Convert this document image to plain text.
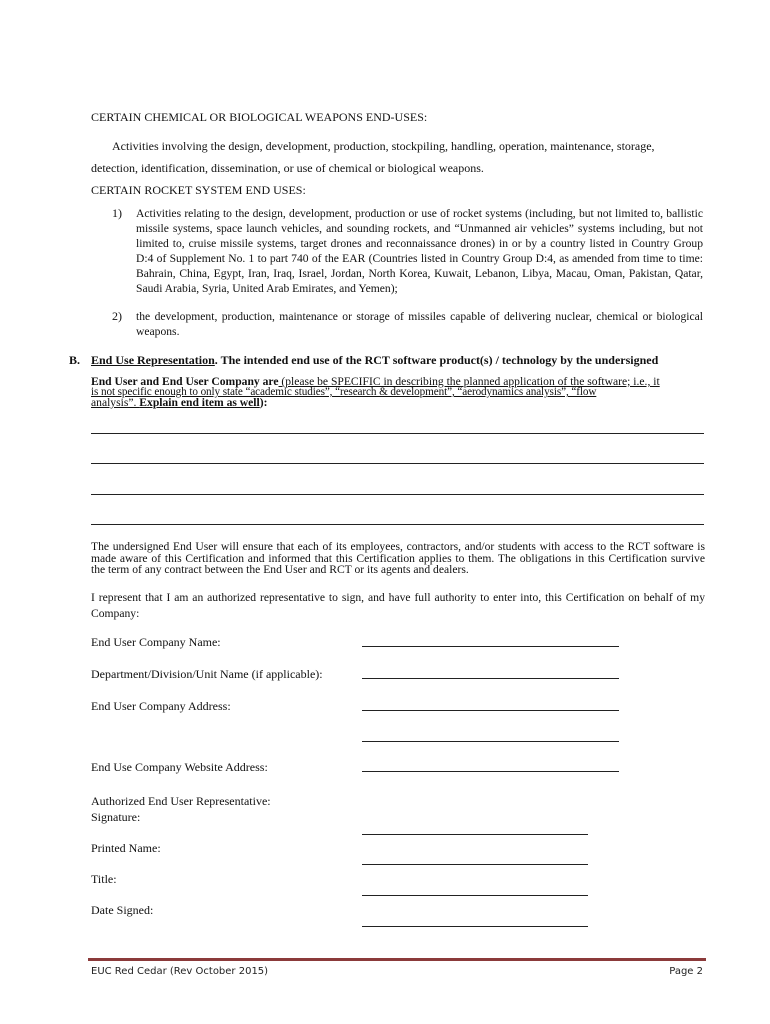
CERTAIN CHEMICAL OR BIOLOGICAL WEAPONS END-USES:
Activities involving the design, development, production, stockpiling, handling, operation, maintenance, storage,
detection, identification, dissemination, or use of chemical or biological weapons.
CERTAIN ROCKET SYSTEM END USES:
1) Activities relating to the design, development, production or use of rocket systems (including, but not limited to, ballistic missile systems, space launch vehicles, and sounding rockets, and “Unmanned air vehicles” systems including, but not limited to, cruise missile systems, target drones and reconnaissance drones) in or by a country listed in Country Group D:4 of Supplement No. 1 to part 740 of the EAR (Countries listed in Country Group D:4, as amended from time to time: Bahrain, China, Egypt, Iran, Iraq, Israel, Jordan, North Korea, Kuwait, Lebanon, Libya, Macau, Oman, Pakistan, Qatar, Saudi Arabia, Syria, United Arab Emirates, and Yemen);
2) the development, production, maintenance or storage of missiles capable of delivering nuclear, chemical or biological weapons.
B. End Use Representation. The intended end use of the RCT software product(s) / technology by the undersigned
End User and End User Company are (please be SPECIFIC in describing the planned application of the software; i.e., it
is not specific enough to only state “academic studies”, “research & development”, “aerodynamics analysis”, “flow
analysis”. Explain end item as well):
The undersigned End User will ensure that each of its employees, contractors, and/or students with access to the RCT software is made aware of this Certification and informed that this Certification applies to them. The obligations in this Certification survive the term of any contract between the End User and RCT or its agents and dealers.
I represent that I am an authorized representative to sign, and have full authority to enter into, this Certification on behalf of my Company:
End User Company Name:
Department/Division/Unit Name (if applicable):
End User Company Address:
End Use Company Website Address:
Authorized End User Representative:
Signature:
Printed Name:
Title:
Date Signed:
EUC Red Cedar (Rev October 2015)	Page 2
